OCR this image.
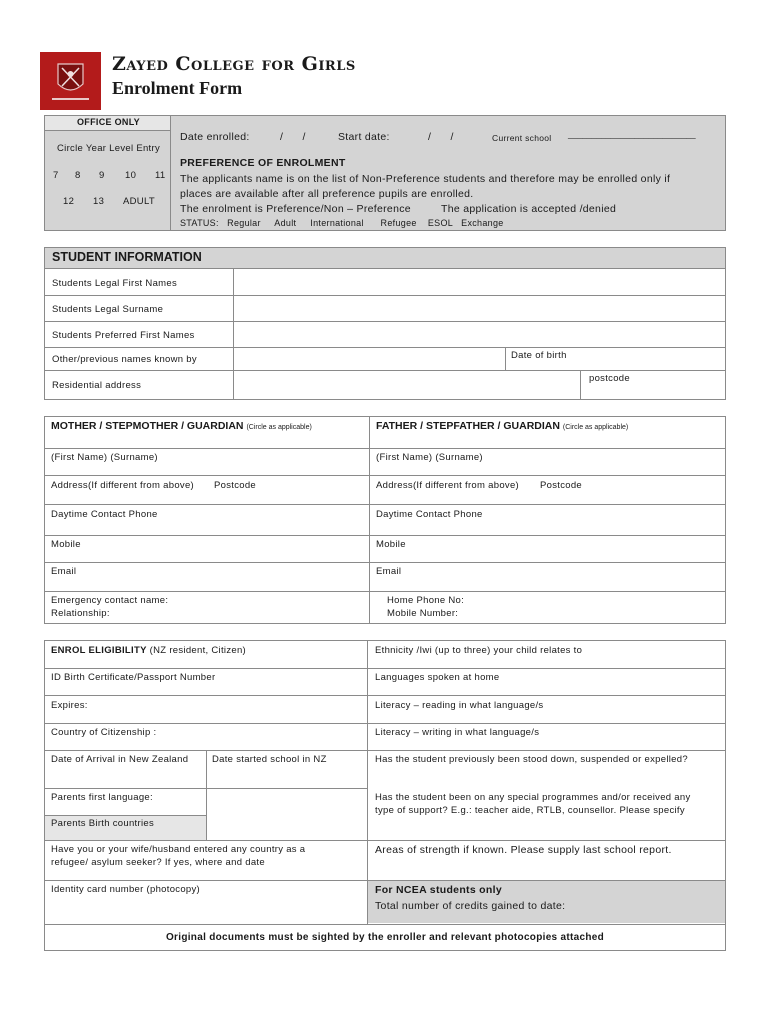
Zayed College for Girls
Enrolment Form
OFFICE ONLY
Circle Year Level Entry
7 8 9 10 11
12 13 ADULT
Date enrolled:	/      /	Start date:	/      /	Current school ___________________________
PREFERENCE OF ENROLMENT
The applicants name is on the list of Non-Preference students and therefore may be enrolled only if
places are available after all preference pupils are enrolled.
The enrolment is Preference/Non – Preference	The application is accepted /denied
STATUS:   Regular     Adult     International      Refugee    ESOL   Exchange
STUDENT INFORMATION
Students Legal First Names
Students Legal Surname
Students Preferred First Names
Other/previous names known by	Date of birth
Residential address
postcode
MOTHER / STEPMOTHER / GUARDIAN (Circle as applicable)	FATHER / STEPFATHER / GUARDIAN (Circle as applicable)
(First Name) (Surname)	(First Name) (Surname)
Address(If different from above) Postcode	Address(If different from above) Postcode
Daytime Contact Phone	Daytime Contact Phone
Mobile	Mobile
Email	Email
Emergency contact name:
Relationship:
Home Phone No:
Mobile Number:
ENROL ELIGIBILITY (NZ resident, Citizen)	Ethnicity /Iwi (up to three) your child relates to
ID Birth Certificate/Passport Number	Languages spoken at home
Expires:	Literacy – reading in what language/s
Country of Citizenship :	Literacy – writing in what language/s
Date of Arrival in New Zealand Date started school in NZ	Has the student previously been stood down, suspended or expelled?
Parents first language:	Has the student been on any special programmes and/or received any
type of support? E.g.: teacher aide, RTLB, counsellor. Please specify
Parents Birth countries
Have you or your wife/husband entered any country as a
refugee/ asylum seeker? If yes, where and date
Areas of strength if known. Please supply last school report.
Identity card number (photocopy)	For NCEA students only
Total number of credits gained to date:
Original documents must be sighted by the enroller and relevant photocopies attached
